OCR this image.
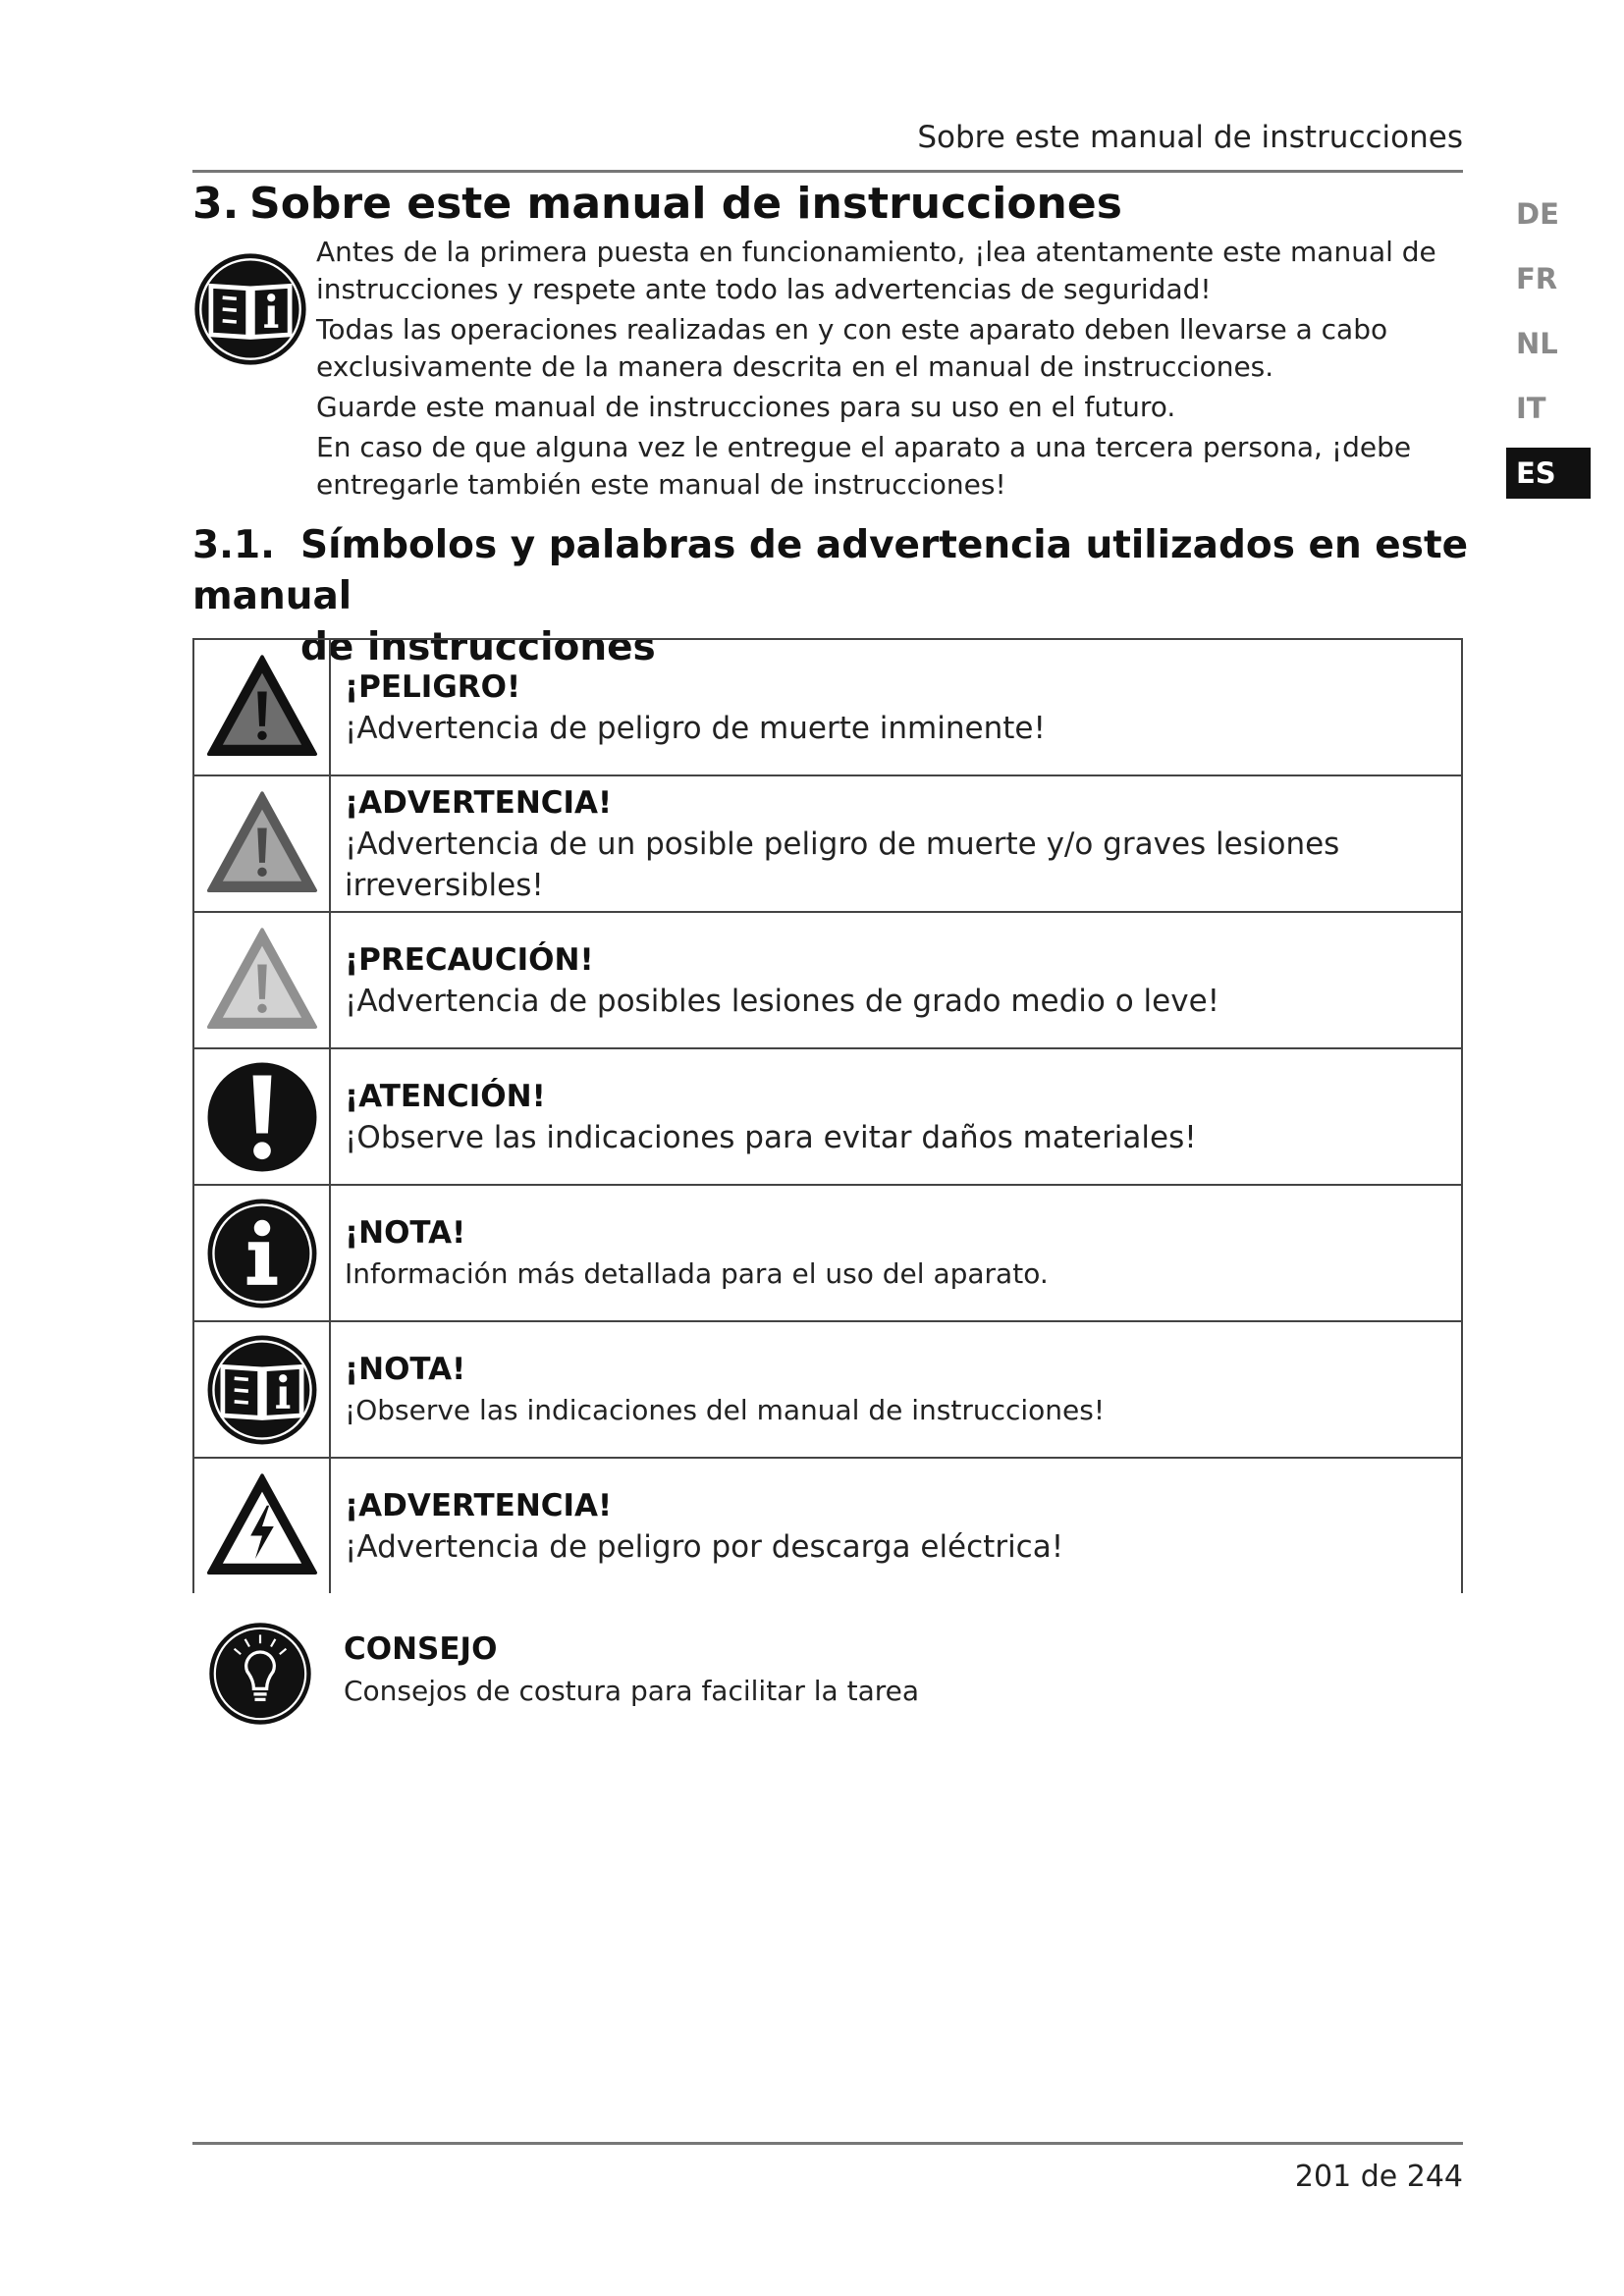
Sobre este manual de instrucciones
DE
FR
NL
IT
ES
3. Sobre este manual de instrucciones

Antes de la primera puesta en funcionamiento, ¡lea atentamente este manual de instrucciones y respete ante todo las advertencias de seguridad!

Todas las operaciones realizadas en y con este aparato deben llevarse a cabo exclusivamente de la manera descrita en el manual de instrucciones.

Guarde este manual de instrucciones para su uso en el futuro.

En caso de que alguna vez le entregue el aparato a una tercera persona, ¡debe entregarle también este manual de instrucciones!

3.1. Símbolos y palabras de advertencia utilizados en este manual
de instrucciones

¡PELIGRO!
¡Advertencia de peligro de muerte inminente!

¡ADVERTENCIA!
¡Advertencia de un posible peligro de muerte y/o graves lesiones irreversibles!

¡PRECAUCIÓN!
¡Advertencia de posibles lesiones de grado medio o leve!

¡ATENCIÓN!
¡Observe las indicaciones para evitar daños materiales!

¡NOTA!
Información más detallada para el uso del aparato.

¡NOTA!
¡Observe las indicaciones del manual de instrucciones!

¡ADVERTENCIA!
¡Advertencia de peligro por descarga eléctrica!
CONSEJO
Consejos de costura para facilitar la tarea
201 de 244
